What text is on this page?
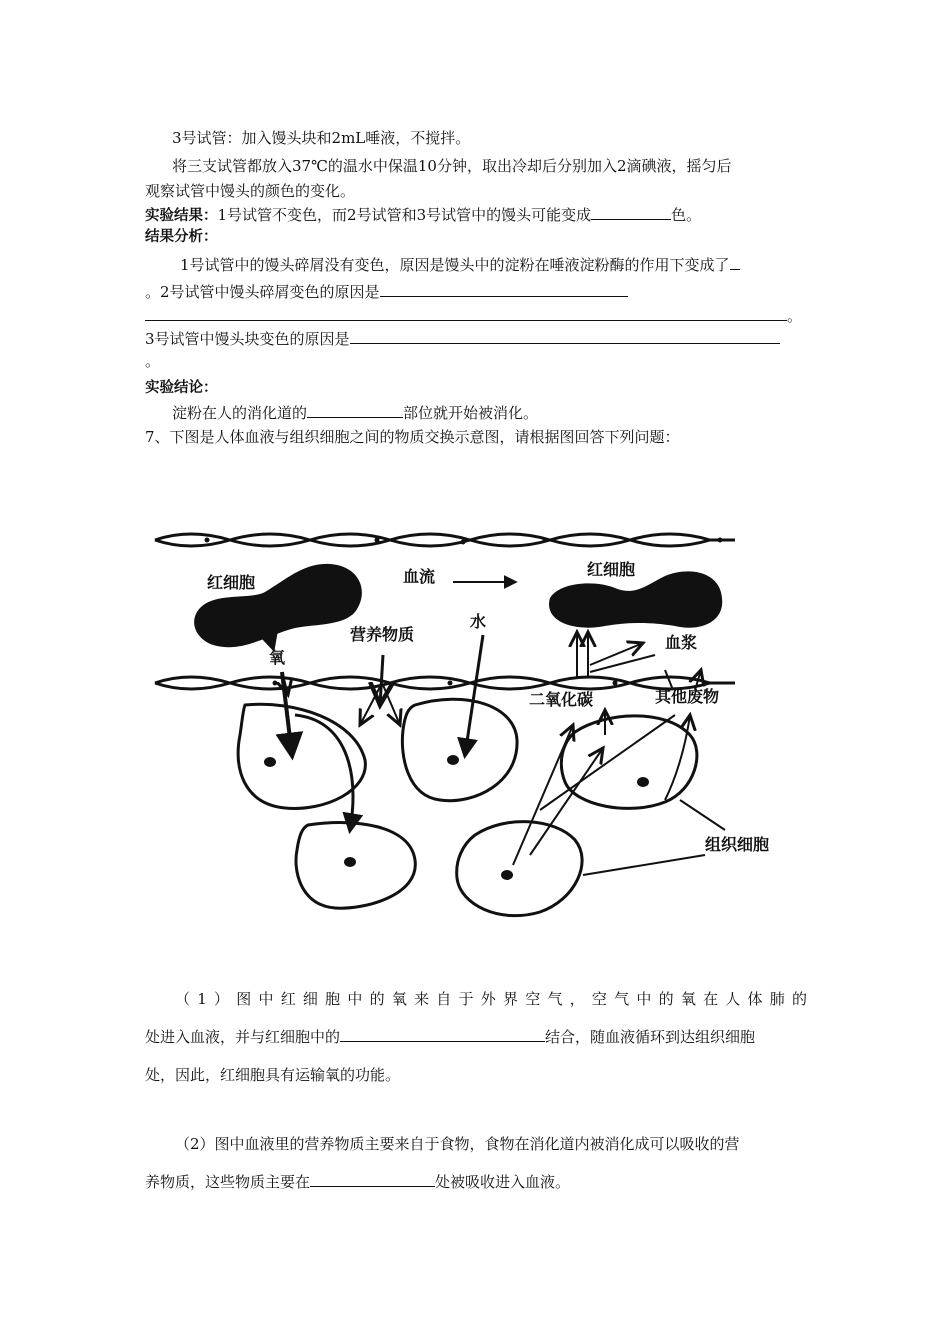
3号试管：加入馒头块和2mL唾液，不搅拌。
将三支试管都放入37℃的温水中保温10分钟，取出冷却后分别加入2滴碘液，摇匀后
观察试管中馒头的颜色的变化。
实验结果：1号试管不变色，而2号试管和3号试管中的馒头可能变成	色。
结果分析：
1号试管中的馒头碎屑没有变色，原因是馒头中的淀粉在唾液淀粉酶的作用下变成了
。2号试管中馒头碎屑变色的原因是
。
3号试管中馒头块变色的原因是
。
实验结论：
淀粉在人的消化道的	部位就开始被消化。
7、下图是人体血液与组织细胞之间的物质交换示意图，请根据图回答下列问题：
红细胞	血流	红细胞
营养物质
水
氧
血浆
二氧化碳	其他废物
组织细胞
（1）图中红细胞中的氧来自于外界空气，空气中的氧在人体肺的
处进入血液，并与红细胞中的	结合，随血液循环到达组织细胞
处，因此，红细胞具有运输氧的功能。
（2）图中血液里的营养物质主要来自于食物，食物在消化道内被消化成可以吸收的营
养物质，这些物质主要在	处被吸收进入血液。
